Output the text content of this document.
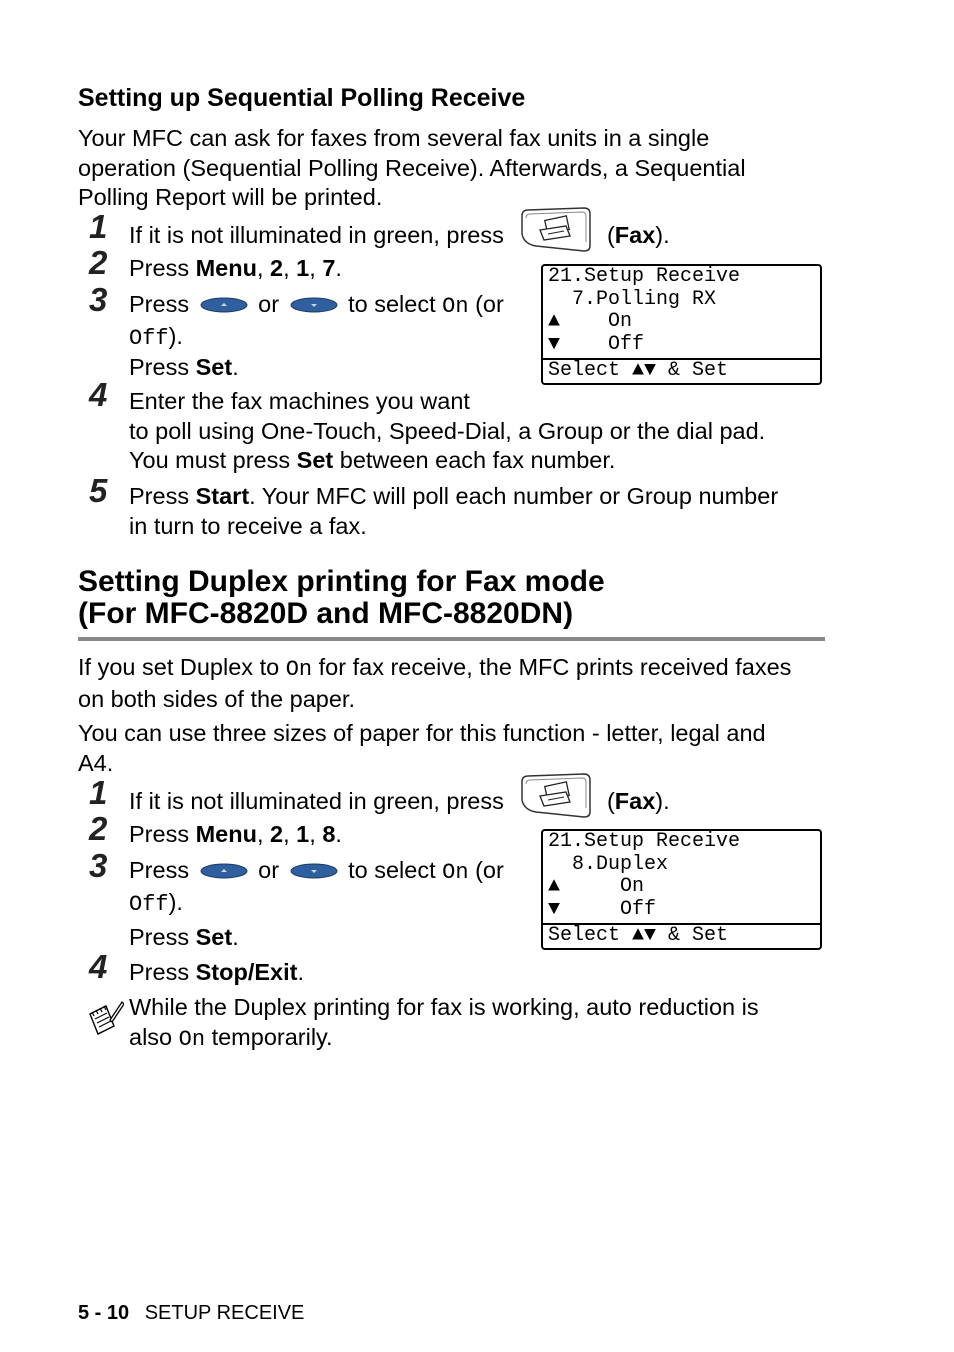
Setting up Sequential Polling Receive
Your MFC can ask for faxes from several fax units in a single
operation (Sequential Polling Receive). Afterwards, a Sequential
Polling Report will be printed.
1 If it is not illuminated in green, press	(Fax).
2 Press Menu, 2, 1, 7.
3 Press	or	to select On (or
Off).
Press Set.
21.Setup Receive
7.Polling RX
▲    On
▼    Off
Select ▲▼ & Set
4 Enter the fax machines you want
to poll using One-Touch, Speed-Dial, a Group or the dial pad.
You must press Set between each fax number.
5 Press Start. Your MFC will poll each number or Group number
in turn to receive a fax.
Setting Duplex printing for Fax mode
(For MFC-8820D and MFC-8820DN)
If you set Duplex to On for fax receive, the MFC prints received faxes
on both sides of the paper.
You can use three sizes of paper for this function - letter, legal and
A4.
1 If it is not illuminated in green, press	(Fax).
2 Press Menu, 2, 1, 8.
3 Press	or	to select On (or
Off).
Press Set.
21.Setup Receive
8.Duplex
▲     On
▼     Off
Select ▲▼ & Set
4 Press Stop/Exit.
While the Duplex printing for fax is working, auto reduction is
also On temporarily.
5 - 10 SETUP RECEIVE
